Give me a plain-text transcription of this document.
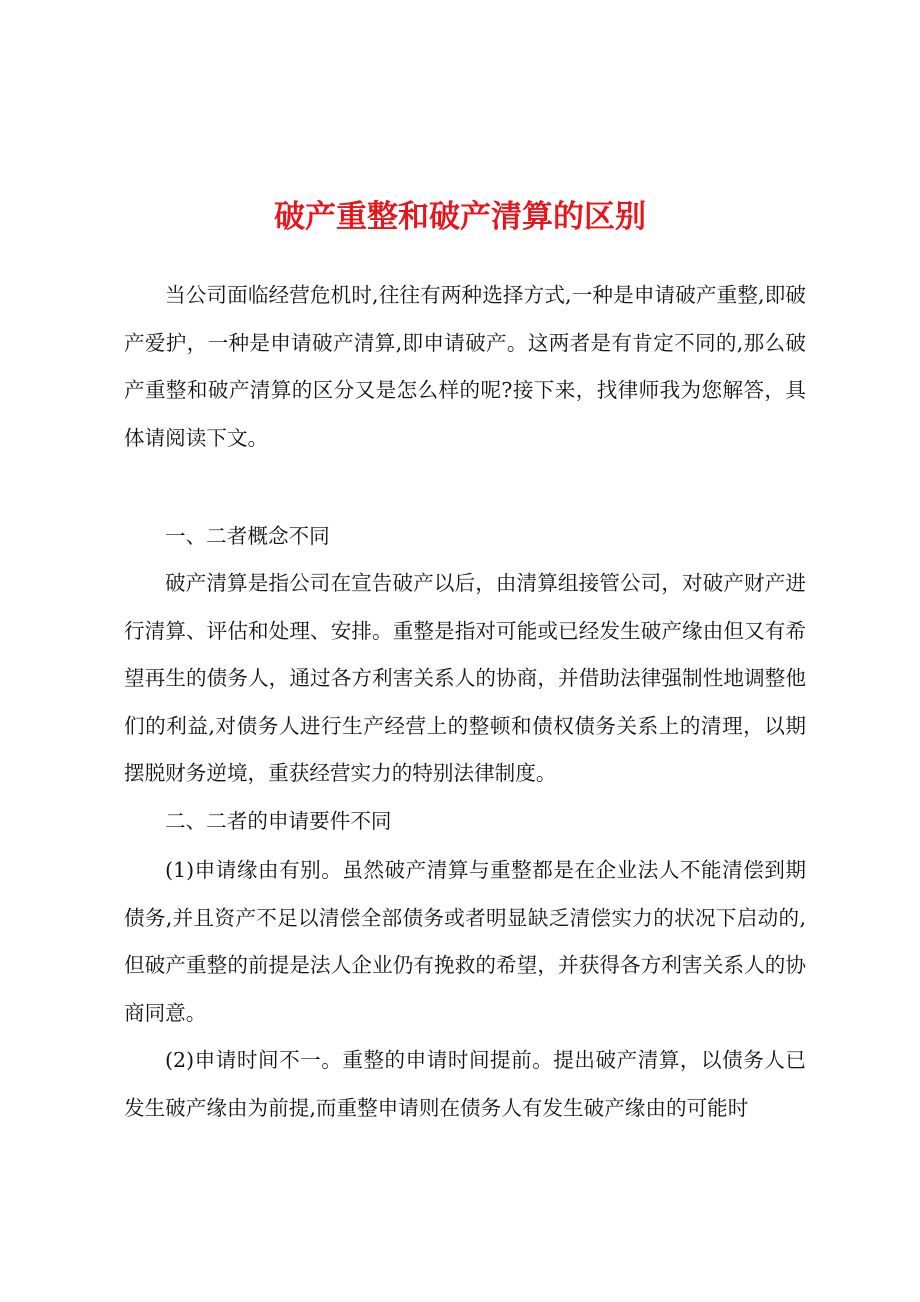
破产重整和破产清算的区别

当公司面临经营危机时,往往有两种选择方式,一种是申请破产重整,即破产爱护，一种是申请破产清算,即申请破产。这两者是有肯定不同的,那么破产重整和破产清算的区分又是怎么样的呢?接下来，找律师我为您解答，具体请阅读下文。

一、二者概念不同

破产清算是指公司在宣告破产以后，由清算组接管公司，对破产财产进行清算、评估和处理、安排。重整是指对可能或已经发生破产缘由但又有希望再生的债务人，通过各方利害关系人的协商，并借助法律强制性地调整他们的利益,对债务人进行生产经营上的整顿和债权债务关系上的清理，以期摆脱财务逆境，重获经营实力的特别法律制度。

二、二者的申请要件不同

(1)申请缘由有别。虽然破产清算与重整都是在企业法人不能清偿到期债务,并且资产不足以清偿全部债务或者明显缺乏清偿实力的状况下启动的,但破产重整的前提是法人企业仍有挽救的希望，并获得各方利害关系人的协商同意。

(2)申请时间不一。重整的申请时间提前。提出破产清算，以债务人已发生破产缘由为前提,而重整申请则在债务人有发生破产缘由的可能时
